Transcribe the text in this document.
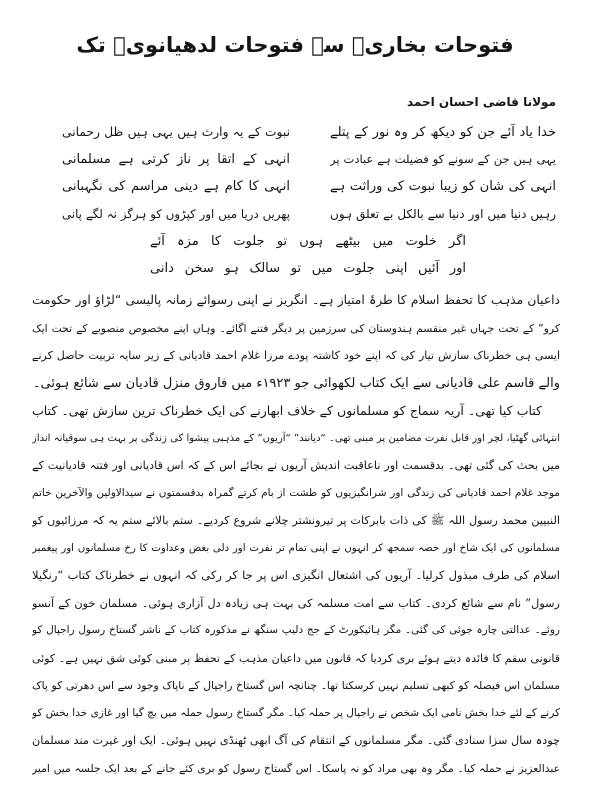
فتوحات بخاریؒ سے فتوحات لدھیانویؒ تک
مولانا قاضی احسان احمد
خدا یاد آئے جن کو دیکھ کر وہ نور کے پتلے
نبوت کے یہ وارث ہیں یہی ہیں ظل رحمانی
یہی ہیں جن کے سونے کو فضیلت ہے عبادت پر
انہی کے اتقا پر ناز کرتی ہے مسلمانی
انہی کی شان کو زیبا نبوت کی وراثت ہے
انہی کا کام ہے دینی مراسم کی نگہبانی
رہیں دنیا میں اور دنیا سے بالکل بے تعلق ہوں
پھریں دریا میں اور کپڑوں کو ہرگز نہ لگے پانی
اگر خلوت میں بیٹھے ہوں تو جلوت کا مزہ آئے
اور آئیں اپنی جلوت میں تو سالک ہو سخن دانی
داعیان مذہب کا تحفظ اسلام کا طرۂ امتیاز ہے۔ انگریز نے اپنی رسوائے زمانہ پالیسی “لڑاؤ اور حکومت
کرو” کے تحت جہاں غیر منقسم ہندوستان کی سرزمین پر دیگر فتنے اگائے۔ وہاں اپنے مخصوص منصوبے کے تحت ایک
ایسی ہی خطرناک سازش تیار کی کہ اپنے خود کاشتہ پودے مرزا غلام احمد قادیانی کے زیر سایہ تربیت حاصل کرنے
والے قاسم علی قادیانی سے ایک کتاب لکھوائی جو ۱۹۲۳ء میں فاروق منزل قادیان سے شائع ہوئی۔
کتاب کیا تھی۔ آریہ سماج کو مسلمانوں کے خلاف ابھارنے کی ایک خطرناک ترین سازش تھی۔ کتاب
انتہائی گھٹیا، لچر اور قابل نفرت مضامین پر مبنی تھی۔ “دیانند” “آریوں” کے مذہبی پیشوا کی زندگی پر بہت ہی سوقیانہ انداز
میں بحث کی گئی تھی۔ بدقسمت اور ناعاقبت اندیش آریوں نے بجائے اس کے کہ اس قادیانی اور فتنہ قادیانیت کے
موجد غلام احمد قادیانی کی زندگی اور شرانگیزیوں کو طشت از بام کرتے گمراہ بدقسمتوں نے سیدالاولین والآخرین خاتم
النبیین محمد رسول اللہ ﷺ کی ذات بابرکات پر تیرونشتر چلانے شروع کردیے۔ ستم بالائے ستم یہ کہ مرزائیوں کو
مسلمانوں کی ایک شاخ اور حصہ سمجھ کر انہوں نے اپنی تمام تر نفرت اور دلی بغض وعداوت کا رخ مسلمانوں اور پیغمبر
اسلام کی طرف مبذول کرلیا۔ آریوں کی اشتعال انگیزی اس پر جا کر رکی کہ انہوں نے خطرناک کتاب “رنگیلا
رسول” نام سے شائع کردی۔ کتاب سے امت مسلمہ کی بہت ہی زیادہ دل آزاری ہوئی۔ مسلمان خون کے آنسو
روئے۔ عدالتی چارہ جوئی کی گئی۔ مگر ہائیکورٹ کے جج دلیپ سنگھ نے مذکورہ کتاب کے ناشر گستاخ رسول راجپال کو
قانونی سقم کا فائدہ دیتے ہوئے بری کردیا کہ قانون میں داعیان مذہب کے تحفظ پر مبنی کوئی شق نہیں ہے۔ کوئی
مسلمان اس فیصلہ کو کبھی تسلیم نہیں کرسکتا تھا۔ چنانچہ اس گستاخ راجپال کے ناپاک وجود سے اس دھرتی کو پاک
کرنے کے لئے خدا بخش نامی ایک شخص نے راجپال پر حملہ کیا۔ مگر گستاخ رسول حملہ میں بچ گیا اور غازی خدا بخش کو
چودہ سال سزا سنادی گئی۔ مگر مسلمانوں کے انتقام کی آگ ابھی ٹھنڈی نہیں ہوئی۔ ایک اور غیرت مند مسلمان
عبدالعزیز نے حملہ کیا۔ مگر وہ بھی مراد کو نہ پاسکا۔ اس گستاخ رسول کو بری کئے جانے کے بعد ایک جلسہ میں امیر
